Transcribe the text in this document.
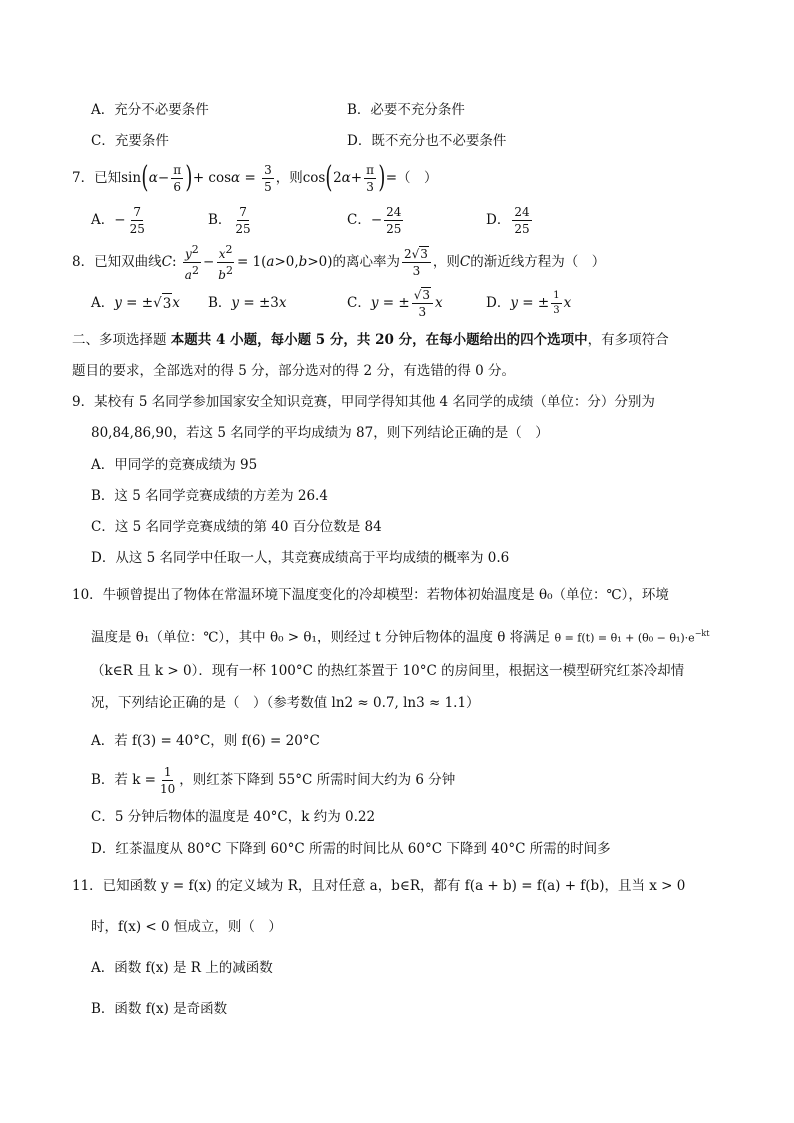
A．充分不必要条件	B．必要不充分条件
C．充要条件	D．既不充分也不必要条件
7．已知 sin ( $\alpha - \frac{\pi}{6}$ ) + $\cos \alpha = \frac{3}{5}$ ，则 cos ( 2 $\alpha + \frac{\pi}{3}$ ) =（　）
A． − $\frac{7}{25}$	B． $\frac{7}{25}$	C． − $\frac{24}{25}$	D． $\frac{24}{25}$
8．已知双曲线 C : $\frac{y^2}{a^2} - \frac{x^2}{b^2} = 1$( a >0, b >0) 的离心率为 $\frac{2√3}{3}$ ，则 C 的渐近线方程为（　）
A． y = ±√ 3 x B． y = ±3 x	C． y = ± $\frac{√3}{3}$ x	D． y = ± $\frac{1}{3}$ x
二、多项选择题 本题共 4 小题，每小题 5 分，共 20 分，在每小题给出的四个选项中，有多项符合
题目的要求，全部选对的得 5 分，部分选对的得 2 分，有选错的得 0 分。
9．某校有 5 名同学参加国家安全知识竞赛，甲同学得知其他 4 名同学的成绩（单位：分）分别为
80,84,86,90，若这 5 名同学的平均成绩为 87，则下列结论正确的是（　）
A．甲同学的竞赛成绩为 95
B．这 5 名同学竞赛成绩的方差为 26.4
C．这 5 名同学竞赛成绩的第 40 百分位数是 84
D．从这 5 名同学中任取一人，其竞赛成绩高于平均成绩的概率为 0.6
10．牛顿曾提出了物体在常温环境下温度变化的冷却模型：若物体初始温度是 θ₀（单位：℃），环境
温度是 θ₁（单位：℃），其中 θ₀ > θ₁，则经过 t 分钟后物体的温度 θ 将满足 $\theta = f(t) = \theta_1 + (\theta_0 - \theta_1)\cdot e^{-kt}$
（k∈R 且 k > 0）．现有一杯 100°C 的热红茶置于 10°C 的房间里，根据这一模型研究红茶冷却情
况，下列结论正确的是（　）（参考数值 ln2 ≈ 0.7, ln3 ≈ 1.1）
A．若 f(3) = 40°C，则 f(6) = 20°C
B．若 $k = \frac{1}{10}$ ，则红茶下降到 55°C 所需时间大约为 6 分钟
C．5 分钟后物体的温度是 40°C，k 约为 0.22
D．红茶温度从 80°C 下降到 60°C 所需的时间比从 60°C 下降到 40°C 所需的时间多
11．已知函数 y = f(x) 的定义域为 R，且对任意 a，b∈R，都有 f(a + b) = f(a) + f(b)，且当 x > 0
时，f(x) < 0 恒成立，则（　）
A．函数 f(x) 是 R 上的减函数
B．函数 f(x) 是奇函数
